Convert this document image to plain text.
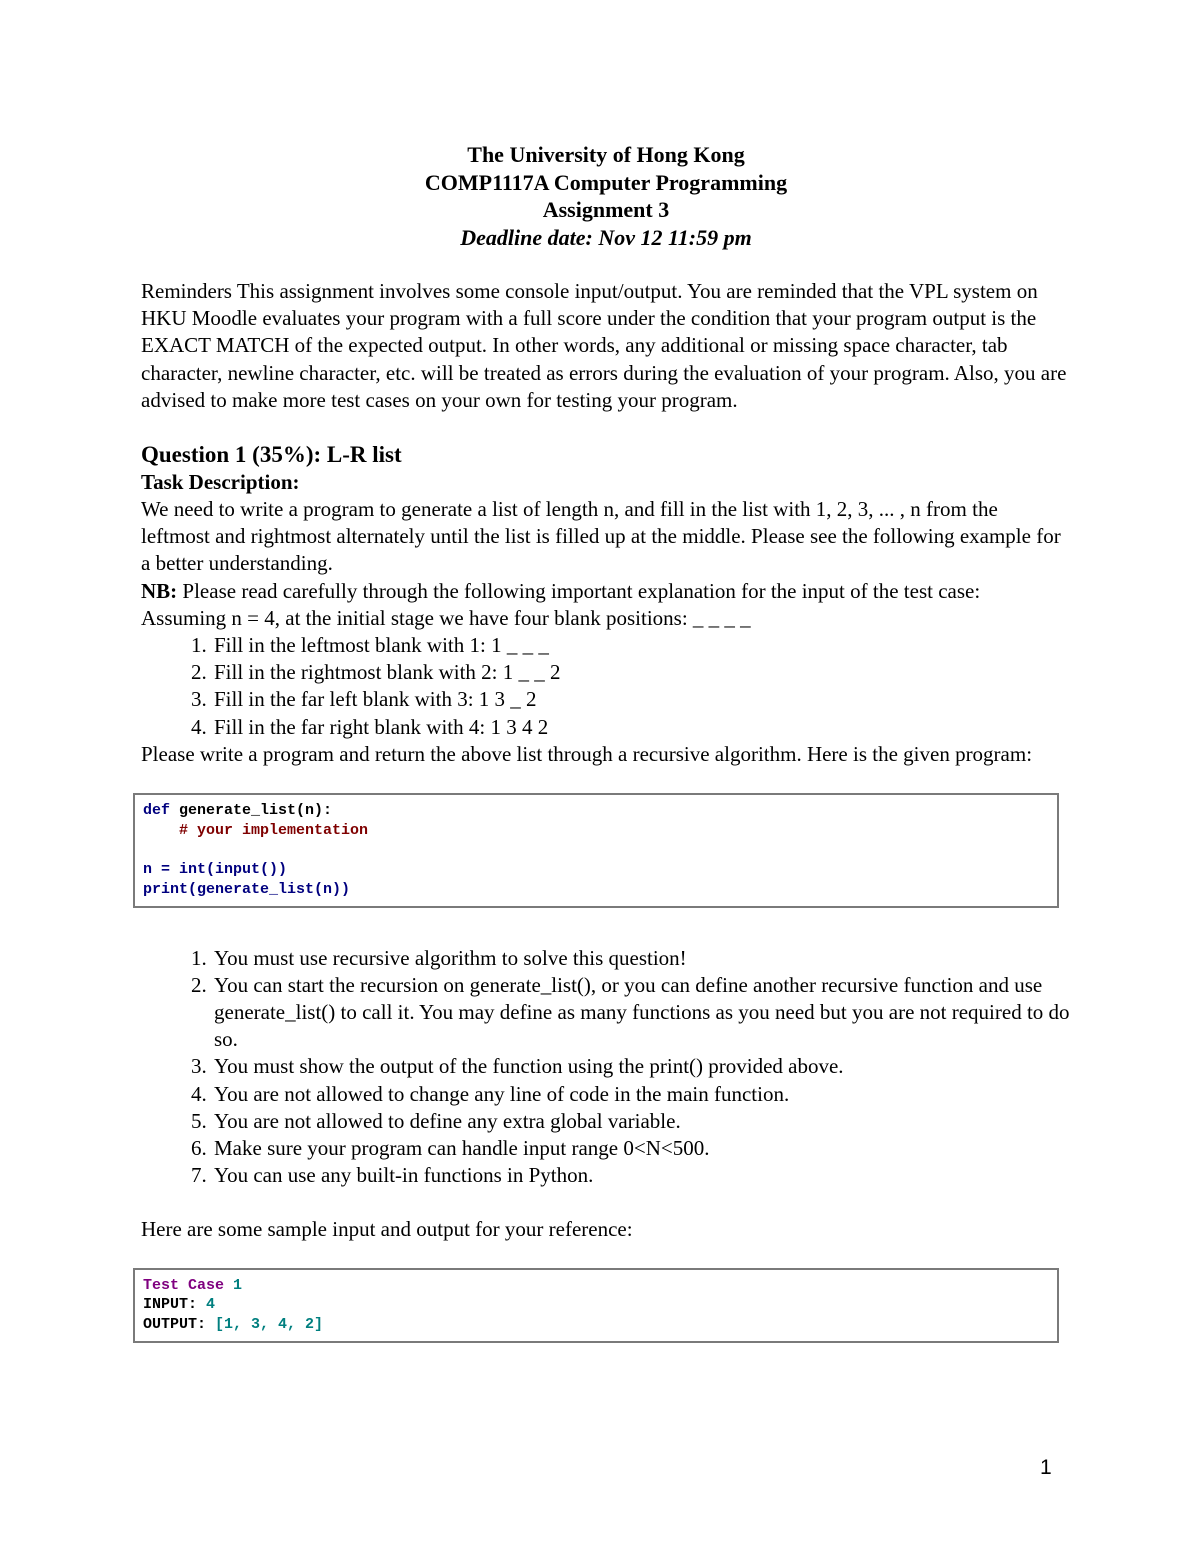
The University of Hong Kong
COMP1117A Computer Programming
Assignment 3
Deadline date: Nov 12 11:59 pm

Reminders This assignment involves some console input/output. You are reminded that the VPL system on HKU Moodle evaluates your program with a full score under the condition that your program output is the EXACT MATCH of the expected output. In other words, any additional or missing space character, tab character, newline character, etc. will be treated as errors during the evaluation of your program. Also, you are advised to make more test cases on your own for testing your program.

Question 1 (35%): L-R list
Task Description:

We need to write a program to generate a list of length n, and fill in the list with 1, 2, 3, ... , n from the leftmost and rightmost alternately until the list is filled up at the middle. Please see the following example for a better understanding.

NB: Please read carefully through the following important explanation for the input of the test case:

Assuming n = 4, at the initial stage we have four blank positions: _ _ _ _

1. Fill in the leftmost blank with 1: 1 _ _ _
2. Fill in the rightmost blank with 2: 1 _ _ 2
3. Fill in the far left blank with 3: 1 3 _ 2
4. Fill in the far right blank with 4: 1 3 4 2

Please write a program and return the above list through a recursive algorithm. Here is the given program:

def generate_list(n):
# your implementation

n = int(input())
print(generate_list(n))
1. You must use recursive algorithm to solve this question!
2. You can start the recursion on generate_list(), or you can define another recursive function and use generate_list() to call it. You may define as many functions as you need but you are not required to do so.
3. You must show the output of the function using the print() provided above.
4. You are not allowed to change any line of code in the main function.
5. You are not allowed to define any extra global variable.
6. Make sure your program can handle input range 0<N<500.
7. You can use any built-in functions in Python.

Here are some sample input and output for your reference:

Test Case 1
INPUT: 4
OUTPUT: [1, 3, 4, 2]
1
